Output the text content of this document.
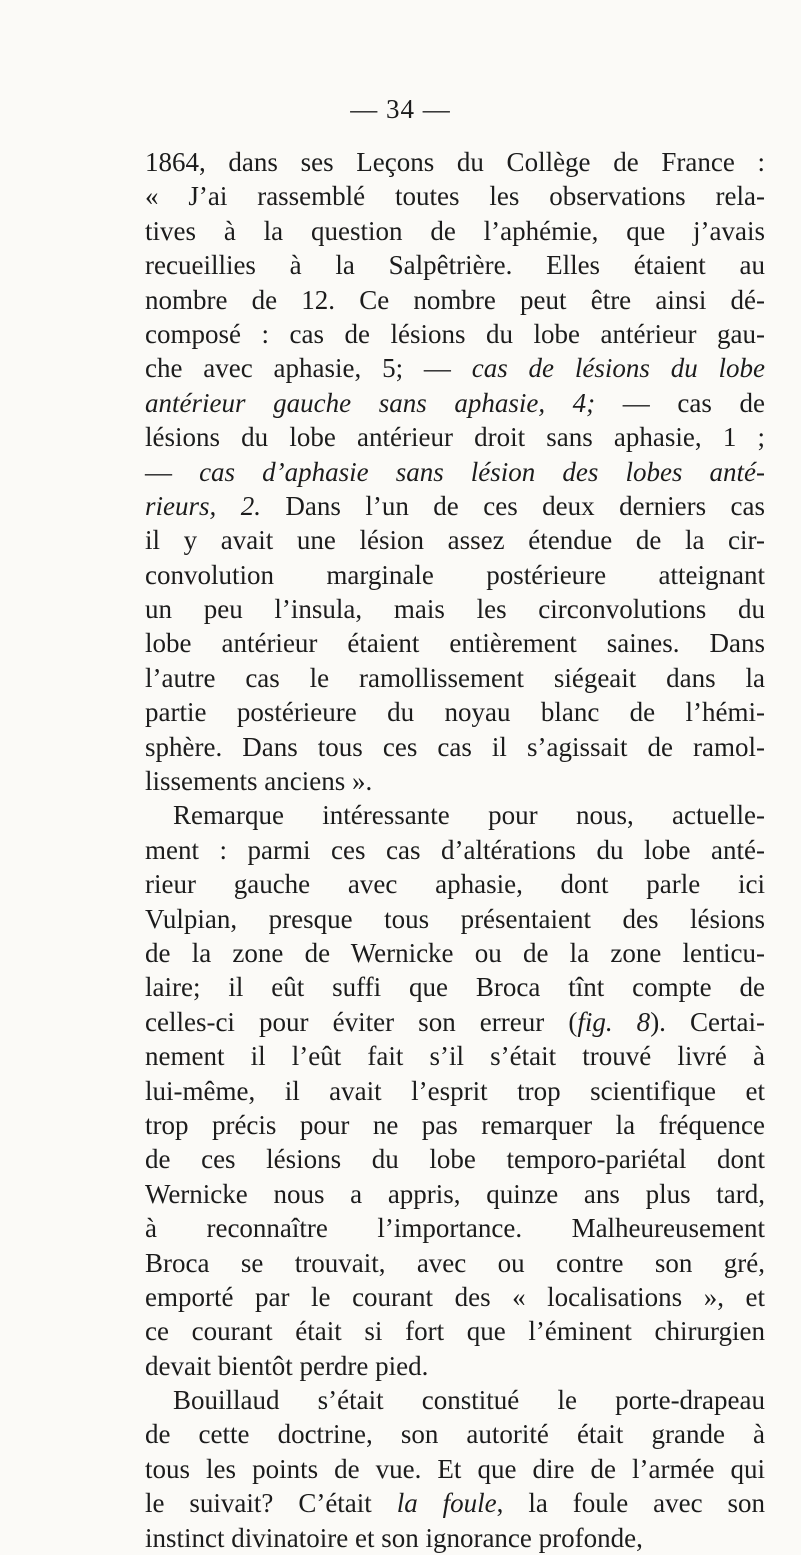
— 34 —
1864, dans ses Leçons du Collège de France :
« J’ai rassemblé toutes les observations rela-
tives à la question de l’aphémie, que j’avais
recueillies à la Salpêtrière. Elles étaient au
nombre de 12. Ce nombre peut être ainsi dé-
composé : cas de lésions du lobe antérieur gau-
che avec aphasie, 5; — cas de lésions du lobe
antérieur gauche sans aphasie, 4; — cas de
lésions du lobe antérieur droit sans aphasie, 1 ;
— cas d’aphasie sans lésion des lobes anté-
rieurs, 2. Dans l’un de ces deux derniers cas
il y avait une lésion assez étendue de la cir-
convolution marginale postérieure atteignant
un peu l’insula, mais les circonvolutions du
lobe antérieur étaient entièrement saines. Dans
l’autre cas le ramollissement siégeait dans la
partie postérieure du noyau blanc de l’hémi-
sphère. Dans tous ces cas il s’agissait de ramol-
lissements anciens ».
Remarque intéressante pour nous, actuelle-
ment : parmi ces cas d’altérations du lobe anté-
rieur gauche avec aphasie, dont parle ici
Vulpian, presque tous présentaient des lésions
de la zone de Wernicke ou de la zone lenticu-
laire; il eût suffi que Broca tînt compte de
celles-ci pour éviter son erreur (fig. 8). Certai-
nement il l’eût fait s’il s’était trouvé livré à
lui-même, il avait l’esprit trop scientifique et
trop précis pour ne pas remarquer la fréquence
de ces lésions du lobe temporo-pariétal dont
Wernicke nous a appris, quinze ans plus tard,
à reconnaître l’importance. Malheureusement
Broca se trouvait, avec ou contre son gré,
emporté par le courant des « localisations », et
ce courant était si fort que l’éminent chirurgien
devait bientôt perdre pied.
Bouillaud s’était constitué le porte-drapeau
de cette doctrine, son autorité était grande à
tous les points de vue. Et que dire de l’armée qui
le suivait? C’était la foule, la foule avec son
instinct divinatoire et son ignorance profonde,
